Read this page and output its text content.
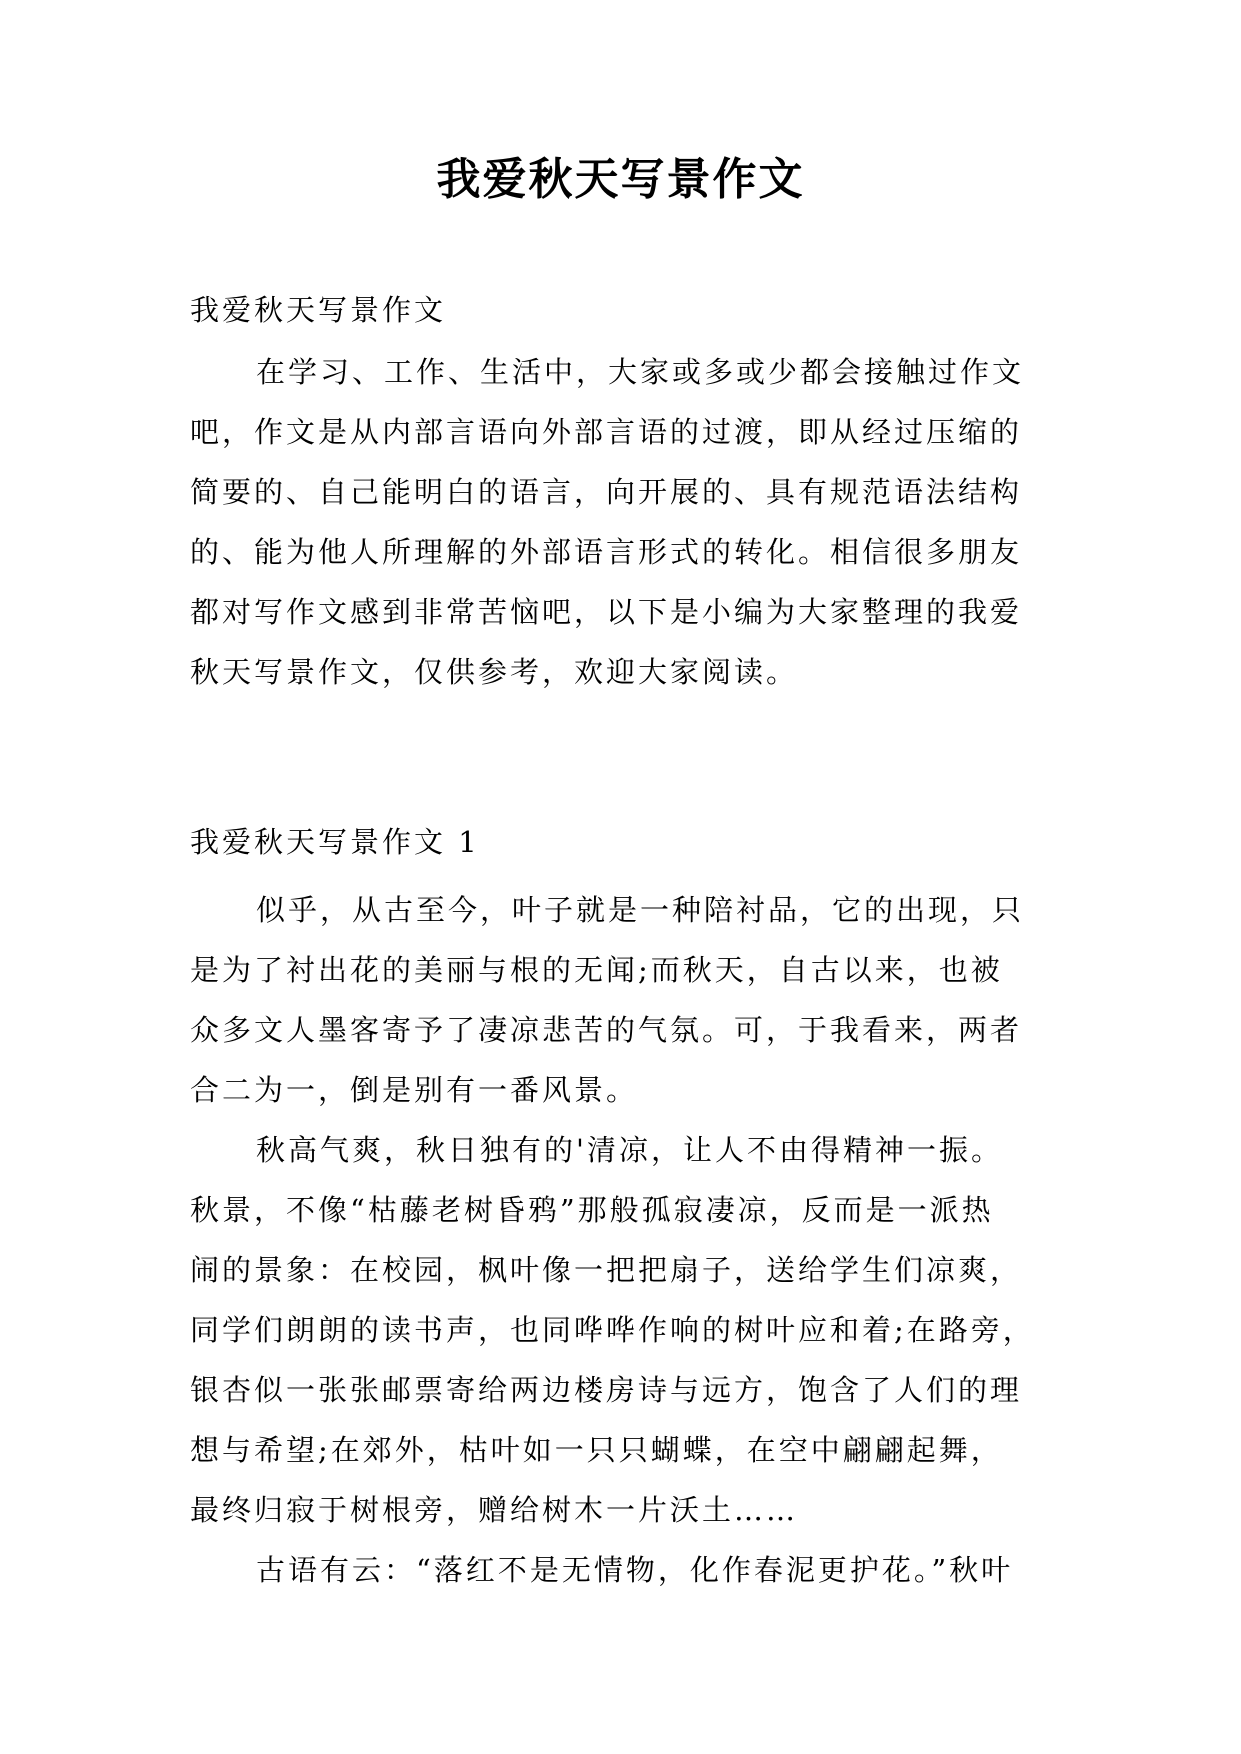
我爱秋天写景作文
我爱秋天写景作文
在学习、工作、生活中，大家或多或少都会接触过作文
吧，作文是从内部言语向外部言语的过渡，即从经过压缩的
简要的、自己能明白的语言，向开展的、具有规范语法结构
的、能为他人所理解的外部语言形式的转化。相信很多朋友
都对写作文感到非常苦恼吧，以下是小编为大家整理的我爱
秋天写景作文，仅供参考，欢迎大家阅读。
我爱秋天写景作文 1
似乎，从古至今，叶子就是一种陪衬品，它的出现，只
是为了衬出花的美丽与根的无闻;而秋天，自古以来，也被
众多文人墨客寄予了凄凉悲苦的气氛。可，于我看来，两者
合二为一，倒是别有一番风景。
秋高气爽，秋日独有的'清凉，让人不由得精神一振。
秋景，不像“枯藤老树昏鸦”那般孤寂凄凉，反而是一派热
闹的景象：在校园，枫叶像一把把扇子，送给学生们凉爽，
同学们朗朗的读书声，也同哗哗作响的树叶应和着;在路旁，
银杏似一张张邮票寄给两边楼房诗与远方，饱含了人们的理
想与希望;在郊外，枯叶如一只只蝴蝶，在空中翩翩起舞，
最终归寂于树根旁，赠给树木一片沃土……
古语有云：“落红不是无情物，化作春泥更护花。”秋叶
